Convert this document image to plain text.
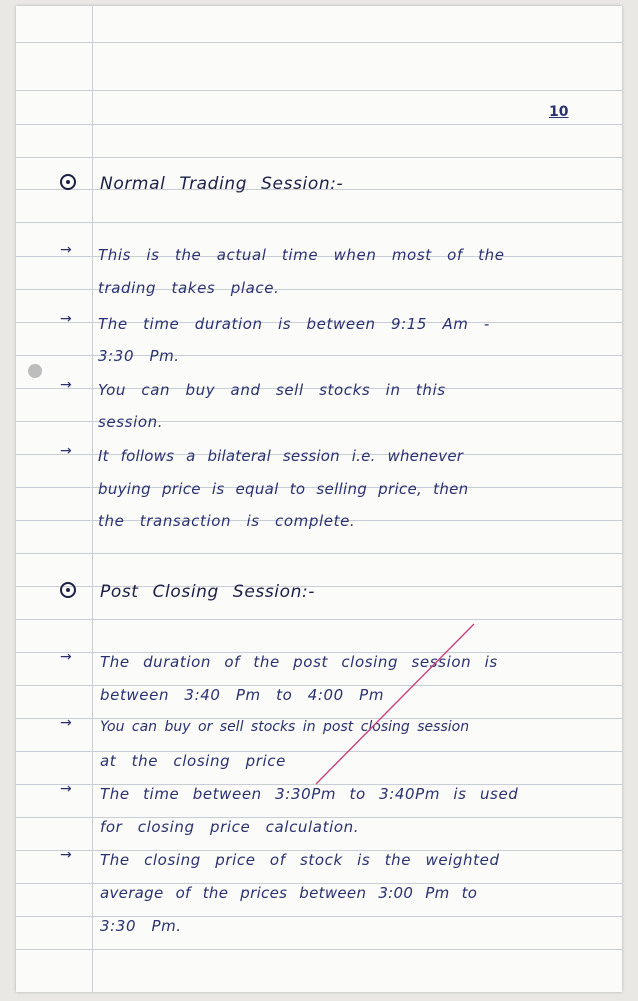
10
Normal Trading Session:-
→ This is the actual time when most of the
trading takes place.
→ The time duration is between 9:15 Am -
3:30 Pm.
→ You can buy and sell stocks in this
session.
→ It follows a bilateral session i.e. whenever
buying price is equal to selling price, then
the transaction is complete.
Post Closing Session:-
→ The duration of the post closing session is
between 3:40 Pm to 4:00 Pm
→ You can buy or sell stocks in post closing session
at the closing price
→ The time between 3:30Pm to 3:40Pm is used
for closing price calculation.
→ The closing price of stock is the weighted
average of the prices between 3:00 Pm to
3:30 Pm.
